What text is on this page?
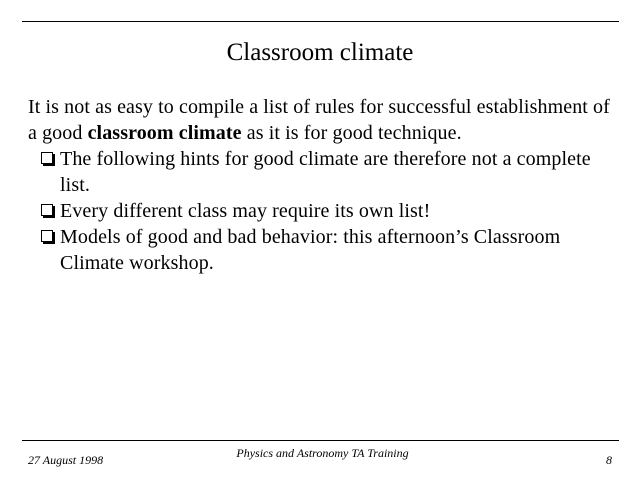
Classroom climate

It is not as easy to compile a list of rules for successful establishment of a good classroom climate as it is for good technique.

The following hints for good climate are therefore not a complete list.
Every different class may require its own list!
Models of good and bad behavior: this afternoon’s Classroom Climate workshop.
27 August 1998	Physics and Astronomy TA Training	8
